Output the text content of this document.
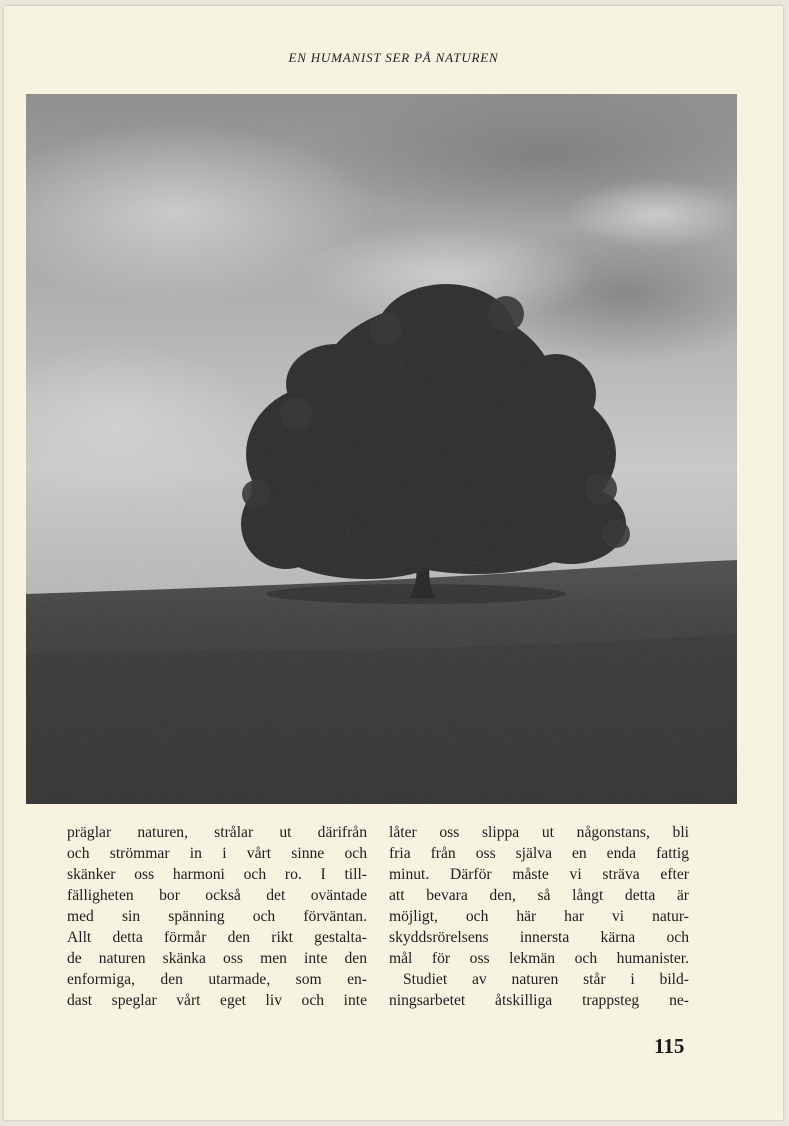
EN HUMANIST SER PÅ NATUREN
präglar naturen, strålar ut därifrån
och strömmar in i vårt sinne och
skänker oss harmoni och ro. I till-
fälligheten bor också det oväntade
med sin spänning och förväntan.
Allt detta förmår den rikt gestalta-
de naturen skänka oss men inte den
enformiga, den utarmade, som en-
dast speglar vårt eget liv och inte
låter oss slippa ut någonstans, bli
fria från oss själva en enda fattig
minut. Därför måste vi sträva efter
att bevara den, så långt detta är
möjligt, och här har vi natur-
skyddsrörelsens innersta kärna och
mål för oss lekmän och humanister.
Studiet av naturen står i bild-
ningsarbetet åtskilliga trappsteg ne-
115
